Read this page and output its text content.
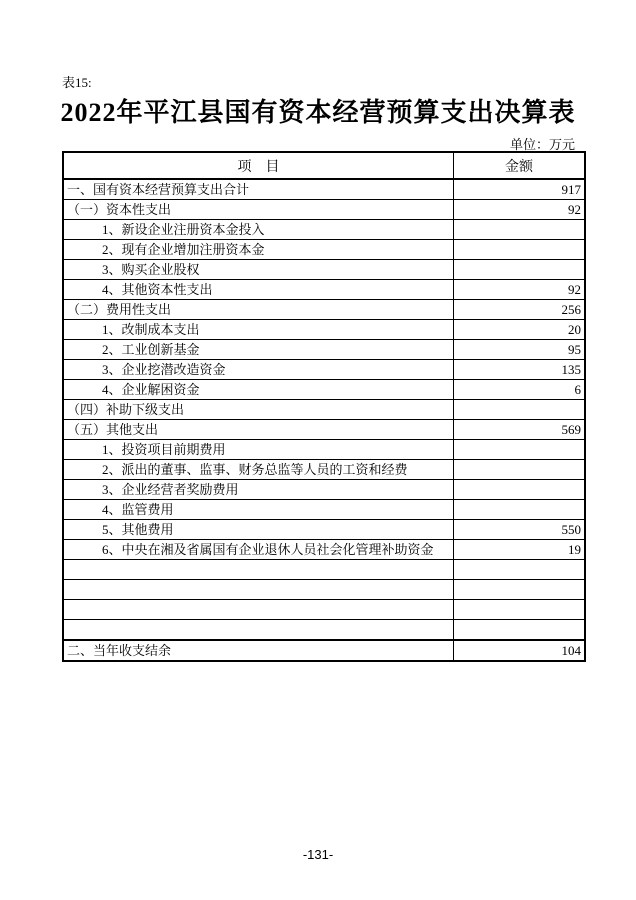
表15:
2022年平江县国有资本经营预算支出决算表
单位：万元
项　目	金额
一、国有资本经营预算支出合计	917
（一）资本性支出	92
1、新设企业注册资本金投入	
2、现有企业增加注册资本金	
3、购买企业股权	
4、其他资本性支出	92
（二）费用性支出	256
1、改制成本支出	20
2、工业创新基金	95
3、企业挖潜改造资金	135
4、企业解困资金	6
（四）补助下级支出	
（五）其他支出	569
1、投资项目前期费用	
2、派出的董事、监事、财务总监等人员的工资和经费	
3、企业经营者奖励费用	
4、监管费用	
5、其他费用	550
6、中央在湘及省属国有企业退休人员社会化管理补助资金	19

二、当年收支结余	104
-131-
